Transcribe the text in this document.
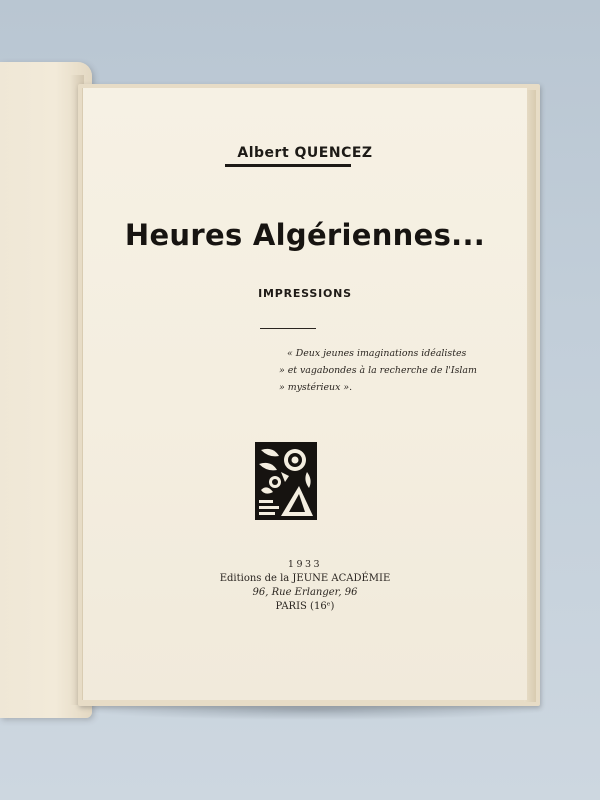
Albert QUENCEZ
Heures Algériennes...
IMPRESSIONS
« Deux jeunes imaginations idéalistes
» et vagabondes à la recherche de l'Islam
» mystérieux ».
1933
Editions de la JEUNE ACADÉMIE
96, Rue Erlanger, 96
PARIS (16ᵉ)
